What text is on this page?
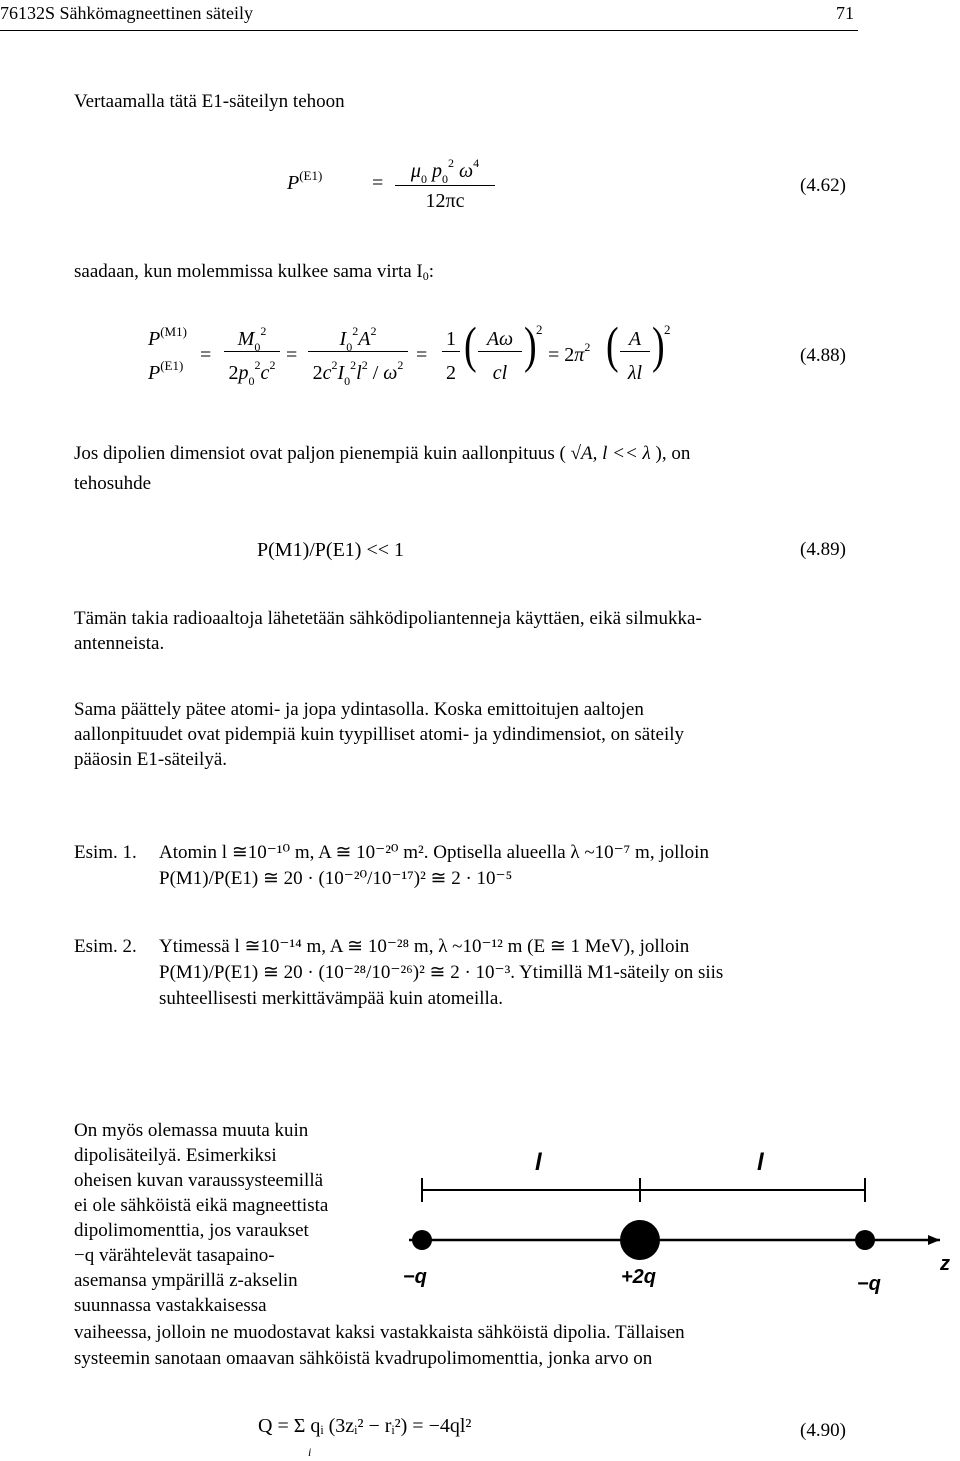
76132S Sähkömagneettinen säteily	71
Vertaamalla tätä E1-säteilyn tehoon
$P^{(E1)} = \frac{\mu_0 p_0^2 \omega^4}{12\pi c}$	(4.62)
saadaan, kun molemmissa kulkee sama virta $I_0$:
$P^{(M1)}$
$P^{(E1)}$ =
$M_0^2$
$2p_0^2c^2$ =
$I_0^2A^2$
$2c^2I_0^2l^2 / \omega^2$ =
1
2 ( Aω
cl ) 2
= $2\pi^2$ ( A
λl ) 2
(4.88)
Jos dipolien dimensiot ovat paljon pienempiä kuin aallonpituus ( √A, l << λ ), on
tehosuhde
P(M1)/P(E1) << 1	(4.89)
Tämän takia radioaaltoja lähetetään sähködipoliantenneja käyttäen, eikä silmukka-
antenneista.
Sama päättely pätee atomi- ja jopa ydintasolla. Koska emittoitujen aaltojen
aallonpituudet ovat pidempiä kuin tyypilliset atomi- ja ydindimensiot, on säteily
pääosin E1-säteilyä.
Esim. 1. Atomin l ≅10⁻¹⁰ m, A ≅ 10⁻²⁰ m². Optisella alueella λ ~10⁻⁷ m, jolloin
P(M1)/P(E1) ≅ 20 · (10⁻²⁰/10⁻¹⁷)² ≅ 2 · 10⁻⁵
Esim. 2. Ytimessä l ≅10⁻¹⁴ m, A ≅ 10⁻²⁸ m, λ ~10⁻¹² m (E ≅ 1 MeV), jolloin
P(M1)/P(E1) ≅ 20 · (10⁻²⁸/10⁻²⁶)² ≅ 2 · 10⁻³. Ytimillä M1-säteily on siis
suhteellisesti merkittävämpää kuin atomeilla.
On myös olemassa muuta kuin
dipolisäteilyä. Esimerkiksi
oheisen kuvan varaussysteemillä
ei ole sähköistä eikä magneettista
dipolimomenttia, jos varaukset
−q värähtelevät tasapaino-
asemansa ympärillä z-akselin
suunnassa vastakkaisessa
vaiheessa, jolloin ne muodostavat kaksi vastakkaista sähköistä dipolia. Tällaisen
systeemin sanotaan omaavan sähköistä kvadrupolimomenttia, jonka arvo on
l	l
−q	+2q	−q
z
Q = Σ qᵢ (3zᵢ² − rᵢ²) = −4ql²
i
(4.90)
